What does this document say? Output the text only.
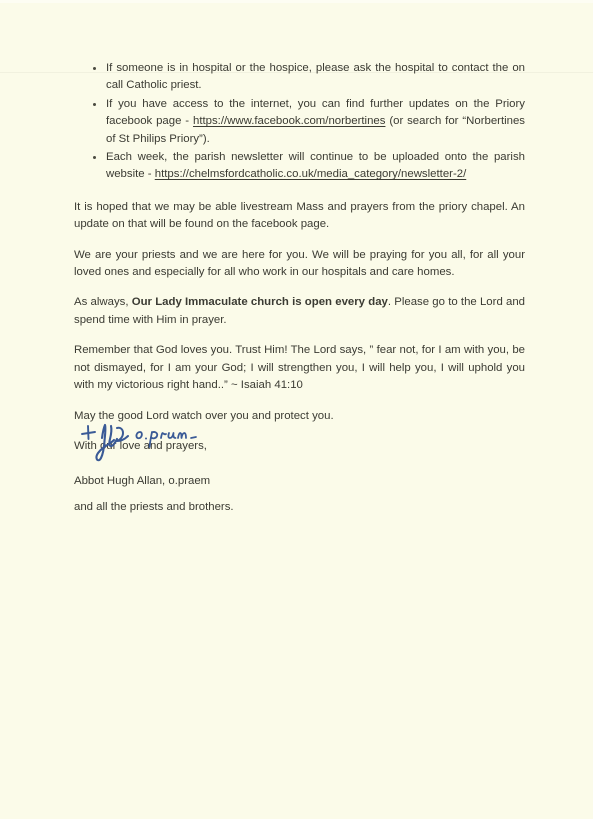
If someone is in hospital or the hospice, please ask the hospital to contact the on call Catholic priest.
If you have access to the internet, you can find further updates on the Priory facebook page - https://www.facebook.com/norbertines (or search for “Norbertines of St Philips Priory”).
Each week, the parish newsletter will continue to be uploaded onto the parish website - https://chelmsfordcatholic.co.uk/media_category/newsletter-2/

It is hoped that we may be able livestream Mass and prayers from the priory chapel. An update on that will be found on the facebook page.

We are your priests and we are here for you. We will be praying for you all, for all your loved ones and especially for all who work in our hospitals and care homes.

As always, Our Lady Immaculate church is open every day. Please go to the Lord and spend time with Him in prayer.

Remember that God loves you. Trust Him! The Lord says, ” fear not, for I am with you, be not dismayed, for I am your God; I will strengthen you, I will help you, I will uphold you with my victorious right hand..” ~ Isaiah 41:10

May the good Lord watch over you and protect you.

With our love and prayers,

Abbot Hugh Allan, o.praem

and all the priests and brothers.
